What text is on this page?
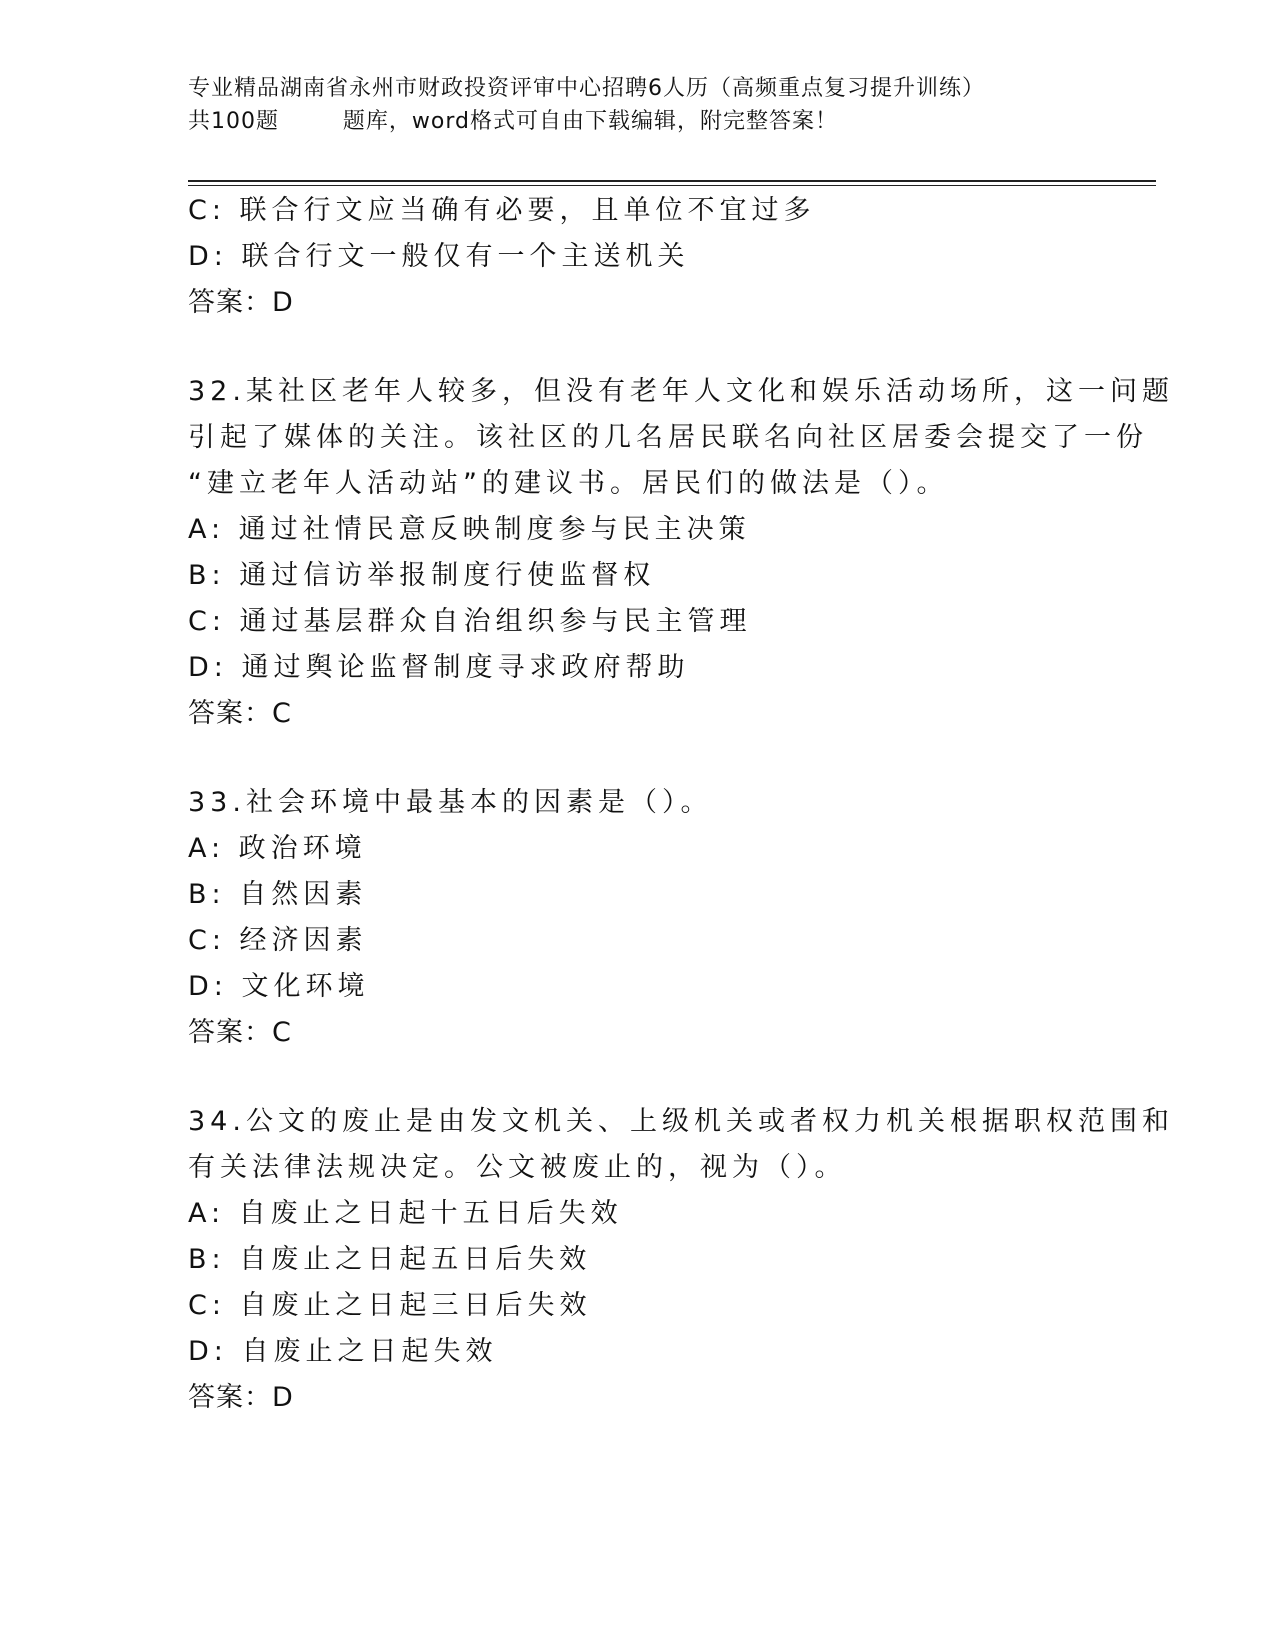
专业精品湖南省永州市财政投资评审中心招聘6人历（高频重点复习提升训练）
共100题        题库，word格式可自由下载编辑，附完整答案！
C: 联合行文应当确有必要，且单位不宜过多
D: 联合行文一般仅有一个主送机关
答案：D
32.某社区老年人较多，但没有老年人文化和娱乐活动场所，这一问题
引起了媒体的关注。该社区的几名居民联名向社区居委会提交了一份
“建立老年人活动站”的建议书。居民们的做法是（）。
A: 通过社情民意反映制度参与民主决策
B: 通过信访举报制度行使监督权
C: 通过基层群众自治组织参与民主管理
D: 通过舆论监督制度寻求政府帮助
答案：C
33.社会环境中最基本的因素是（）。
A: 政治环境
B: 自然因素
C: 经济因素
D: 文化环境
答案：C
34.公文的废止是由发文机关、上级机关或者权力机关根据职权范围和
有关法律法规决定。公文被废止的，视为（）。
A: 自废止之日起十五日后失效
B: 自废止之日起五日后失效
C: 自废止之日起三日后失效
D: 自废止之日起失效
答案：D
